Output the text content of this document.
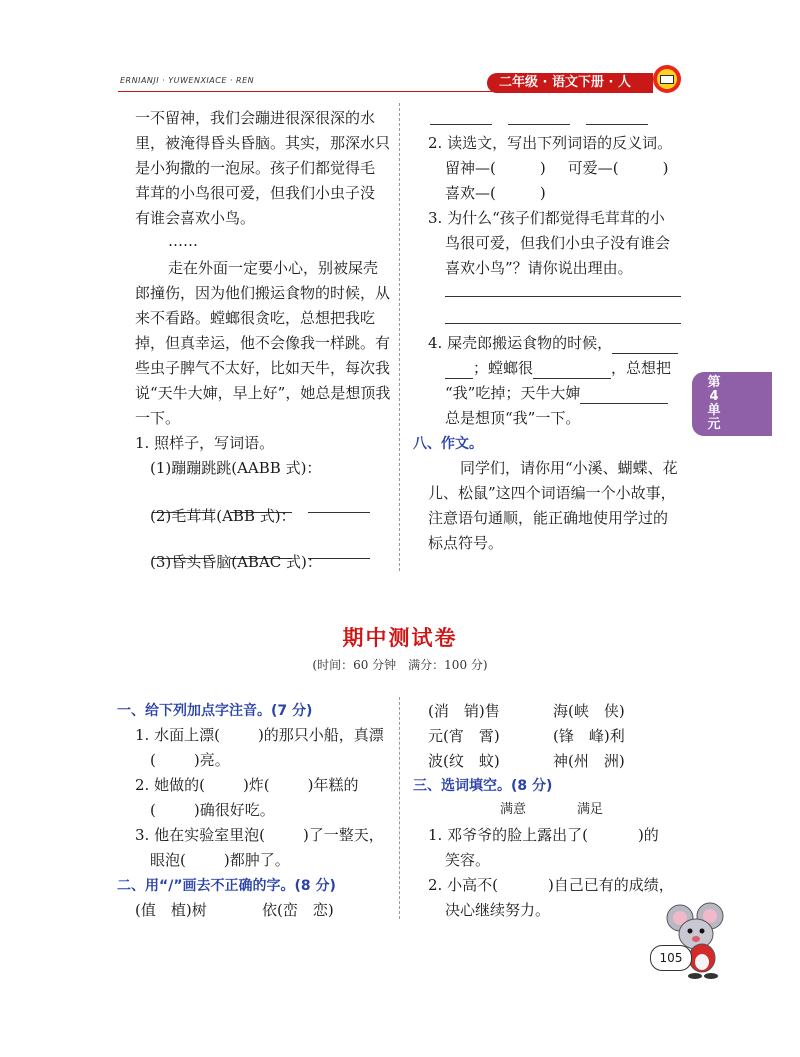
ERNIANJI · YUWENXIACE · REN	二年级 · 语文下册 · 人
第4单元
一不留神，我们会蹦进很深很深的水
里，被淹得昏头昏脑。其实，那深水只
是小狗撒的一泡尿。孩子们都觉得毛
茸茸的小鸟很可爱，但我们小虫子没
有谁会喜欢小鸟。
……
走在外面一定要小心，别被屎壳
郎撞伤，因为他们搬运食物的时候，从
来不看路。螳螂很贪吃，总想把我吃
掉，但真幸运，他不会像我一样跳。有
些虫子脾气不太好，比如天牛，每次我
说“天牛大婶，早上好”，她总是想顶我
一下。
1. 照样子，写词语。
(1)蹦蹦跳跳(AABB 式)：
(2)毛茸茸(ABB 式)：
(3)昏头昏脑(ABAC 式)：
2. 读选文，写出下列词语的反义词。
留神—(	) 可爱—(	)
喜欢—(	)
3. 为什么“孩子们都觉得毛茸茸的小
鸟很可爱，但我们小虫子没有谁会
喜欢小鸟”？请你说出理由。
4. 屎壳郎搬运食物的时候，
；螳螂很	，总想把
“我”吃掉；天牛大婶
总是想顶“我”一下。
八、作文。
同学们，请你用“小溪、蝴蝶、花
儿、松鼠”这四个词语编一个小故事，
注意语句通顺，能正确地使用学过的
标点符号。
期中测试卷
(时间：60 分钟　满分：100 分)
一、给下列加点字注音。(7 分)
1. 水面上漂(	)的那只小船，真漂
(	)亮。
2. 她做的(	)炸(	)年糕的
(	)确很好吃。
3. 他在实验室里泡(	)了一整天，
眼泡(	)都肿了。
二、用“/”画去不正确的字。(8 分)
(值　植)树	依(峦　恋)
(消　销)售	海(峡　侠)
元(宵　霄)	(锋　峰)利
波(纹　蚊)	神(州　洲)
三、选词填空。(8 分)
满意	满足
1. 邓爷爷的脸上露出了(	)的
笑容。
2. 小高不(	)自己已有的成绩，
决心继续努力。
105
